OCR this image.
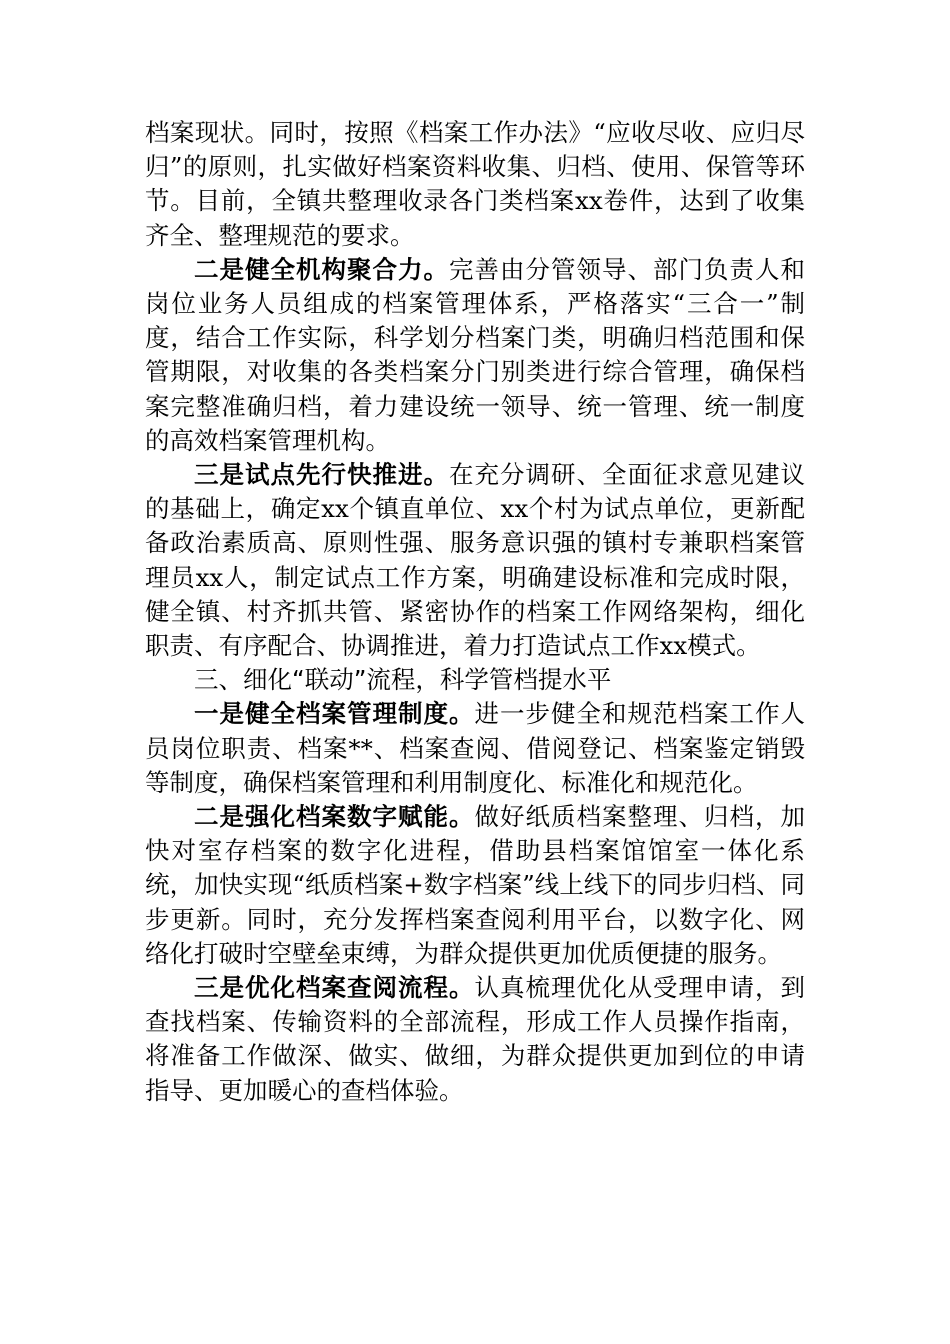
档案现状。同时，按照《档案工作办法》“应收尽收、应归尽归”的原则，扎实做好档案资料收集、归档、使用、保管等环节。目前，全镇共整理收录各门类档案xx卷件，达到了收集齐全、整理规范的要求。

二是健全机构聚合力。完善由分管领导、部门负责人和岗位业务人员组成的档案管理体系，严格落实“三合一”制度，结合工作实际，科学划分档案门类，明确归档范围和保管期限，对收集的各类档案分门别类进行综合管理，确保档案完整准确归档，着力建设统一领导、统一管理、统一制度的高效档案管理机构。

三是试点先行快推进。在充分调研、全面征求意见建议的基础上，确定xx个镇直单位、xx个村为试点单位，更新配备政治素质高、原则性强、服务意识强的镇村专兼职档案管理员xx人，制定试点工作方案，明确建设标准和完成时限，健全镇、村齐抓共管、紧密协作的档案工作网络架构，细化职责、有序配合、协调推进，着力打造试点工作xx模式。

三、细化“联动”流程，科学管档提水平

一是健全档案管理制度。进一步健全和规范档案工作人员岗位职责、档案**、档案查阅、借阅登记、档案鉴定销毁等制度，确保档案管理和利用制度化、标准化和规范化。

二是强化档案数字赋能。做好纸质档案整理、归档，加快对室存档案的数字化进程，借助县档案馆馆室一体化系统，加快实现“纸质档案+数字档案”线上线下的同步归档、同步更新。同时，充分发挥档案查阅利用平台，以数字化、网络化打破时空壁垒束缚，为群众提供更加优质便捷的服务。

三是优化档案查阅流程。认真梳理优化从受理申请，到查找档案、传输资料的全部流程，形成工作人员操作指南，将准备工作做深、做实、做细，为群众提供更加到位的申请指导、更加暖心的查档体验。
